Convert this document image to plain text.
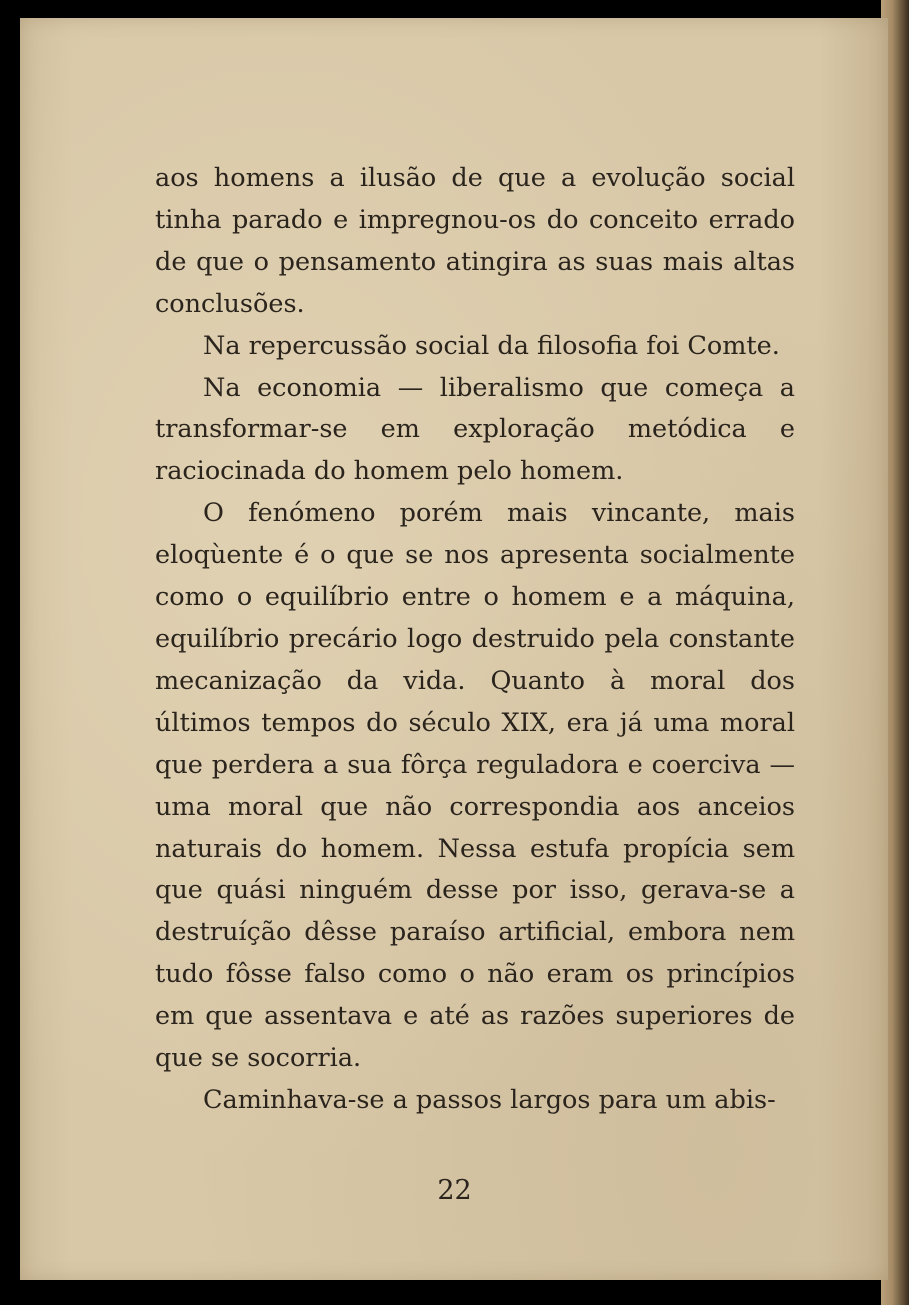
aos homens a ilusão de que a evolução social tinha parado e impregnou-os do conceito errado de que o pensamento atingira as suas mais altas conclusões.

Na repercussão social da filosofia foi Comte.

Na economia — liberalismo que começa a transformar-se em exploração metódica e raciocinada do homem pelo homem.

O fenómeno porém mais vincante, mais eloqùente é o que se nos apresenta socialmente como o equilíbrio entre o homem e a máquina, equilíbrio precário logo destruido pela constante mecanização da vida. Quanto à moral dos últimos tempos do século XIX, era já uma moral que perdera a sua fôrça reguladora e coerciva — uma moral que não correspondia aos anceios naturais do homem. Nessa estufa propícia sem que quási ninguém desse por isso, gerava-se a destruíção dêsse paraíso artificial, embora nem tudo fôsse falso como o não eram os princípios em que assentava e até as razões superiores de que se socorria.

Caminhava-se a passos largos para um abis-

22
